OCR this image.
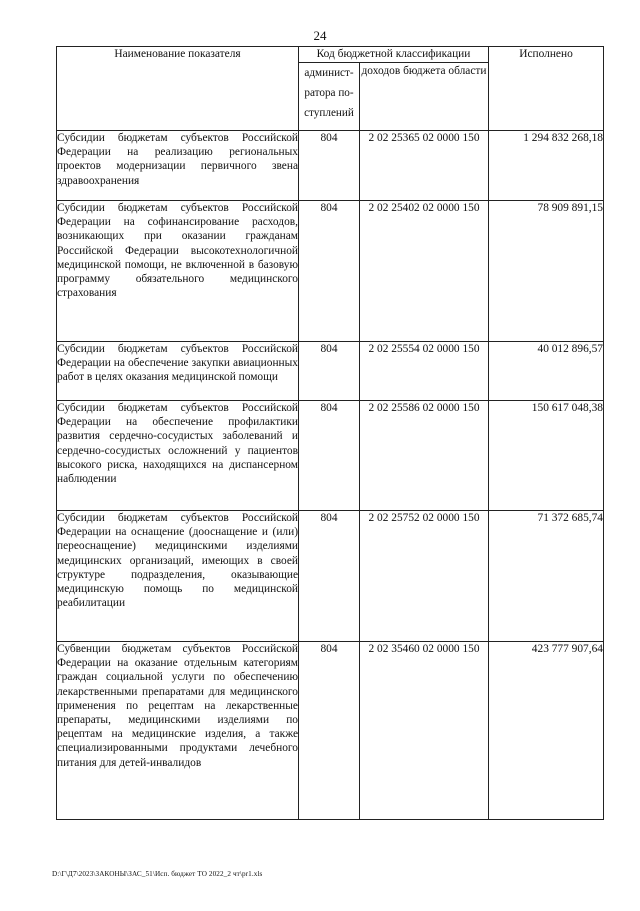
24
Наименование показателя	Код бюджетной классификации		Исполнено
	админист- ратора по- ступлений	доходов бюджета области	
Субсидии бюджетам субъектов Российской Федерации на реализацию региональных проектов модернизации первичного звена здравоохранения	804	2 02 25365 02 0000 150	1 294 832 268,18
Субсидии бюджетам субъектов Российской Федерации на софинансирование расходов, возникающих при оказании гражданам Российской Федерации высокотехнологичной медицинской помощи, не включенной в базовую программу обязательного медицинского страхования	804	2 02 25402 02 0000 150	78 909 891,15
Субсидии бюджетам субъектов Российской Федерации на обеспечение закупки авиационных работ в целях оказания медицинской помощи	804	2 02 25554 02 0000 150	40 012 896,57
Субсидии бюджетам субъектов Российской Федерации на обеспечение профилактики развития сердечно-сосудистых заболеваний и сердечно-сосудистых осложнений у пациентов высокого риска, находящихся на диспансерном наблюдении	804	2 02 25586 02 0000 150	150 617 048,38
Субсидии бюджетам субъектов Российской Федерации на оснащение (дооснащение и (или) переоснащение) медицинскими изделиями медицинских организаций, имеющих в своей структуре подразделения, оказывающие медицинскую помощь по медицинской реабилитации	804	2 02 25752 02 0000 150	71 372 685,74
Субвенции бюджетам субъектов Российской Федерации на оказание отдельным категориям граждан социальной услуги по обеспечению лекарственными препаратами для медицинского применения по рецептам на лекарственные препараты, медицинскими изделиями по рецептам на медицинские изделия, а также специализированными продуктами лечебного питания для детей-инвалидов	804	2 02 35460 02 0000 150	423 777 907,64
D:\Г\Д7\2023\ЗАКОНЫ\ЗАС_51\Исп. бюджет ТО 2022_2 чт\pr1.xls
